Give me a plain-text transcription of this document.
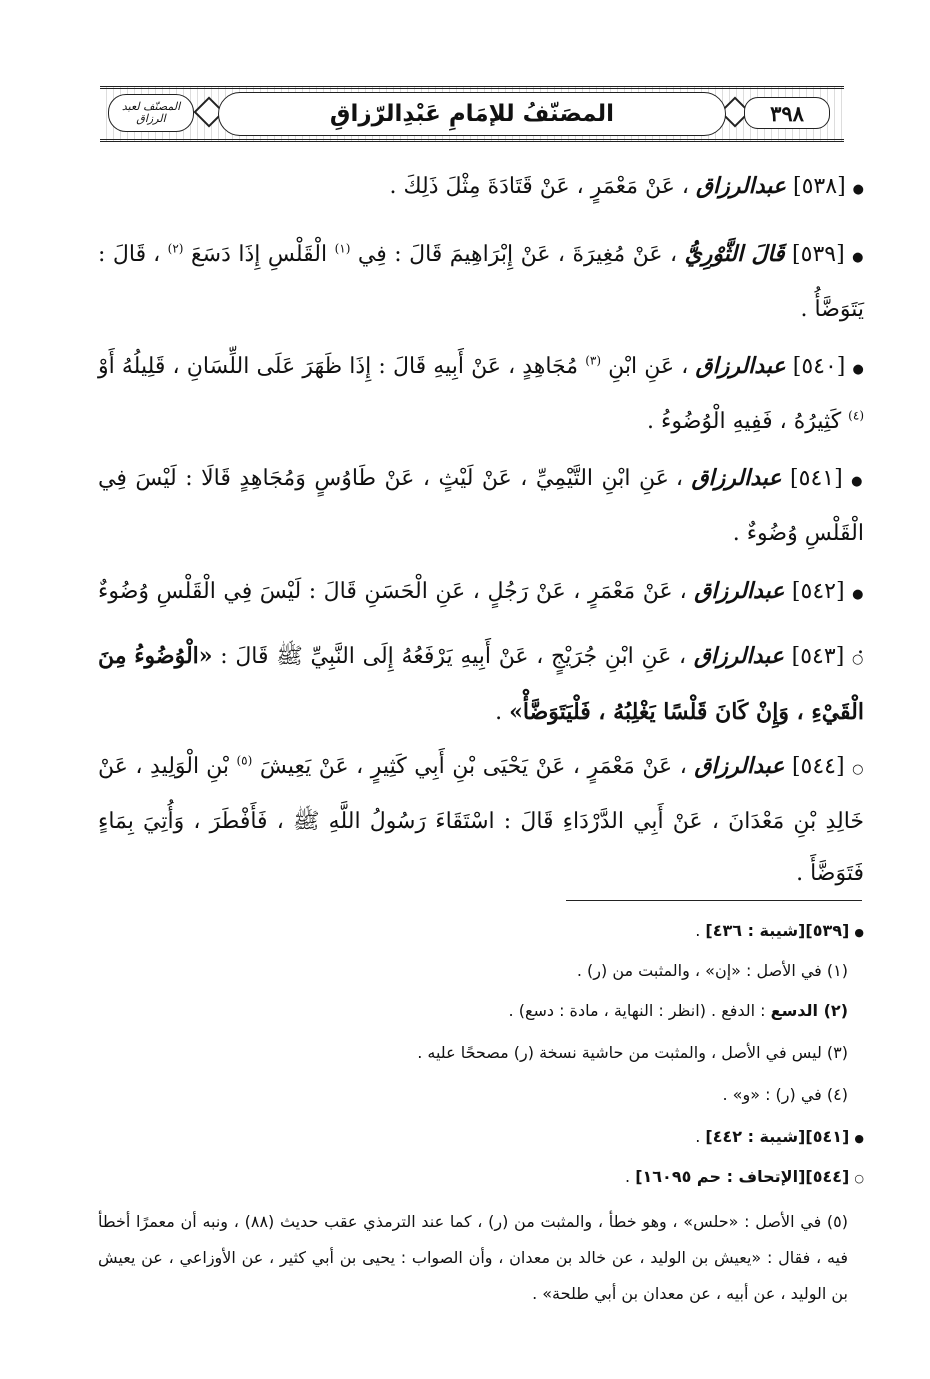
المصنّف لعبد الرزاق	المصَنّفُ للإمَامِ عَبْدِالرّزاقِ	٣٩٨
● [٥٣٨] عبدالرزاق ، عَنْ مَعْمَرٍ ، عَنْ قَتَادَةَ مِثْلَ ذَلِكَ .
● [٥٣٩] قَالَ الثَّوْرِيُّ ، عَنْ مُغِيرَةَ ، عَنْ إِبْرَاهِيمَ قَالَ : فِي $^{(١)}$ الْقَلْسِ إِذَا دَسَعَ $^{(٢)}$ ، قَالَ : يَتَوَضَّأُ .
● [٥٤٠] عبدالرزاق ، عَنِ ابْنِ $^{(٣)}$ مُجَاهِدٍ ، عَنْ أَبِيهِ قَالَ : إِذَا ظَهَرَ عَلَى اللِّسَانِ ، قَلِيلُهُ أَوْ $^{(٤)}$ كَثِيرُهُ ، فَفِيهِ الْوُضُوءُ .
● [٥٤١] عبدالرزاق ، عَنِ ابْنِ التَّيْمِيِّ ، عَنْ لَيْثٍ ، عَنْ طَاوُسٍ وَمُجَاهِدٍ قَالَا : لَيْسَ فِي الْقَلْسِ وُضُوءٌ .
● [٥٤٢] عبدالرزاق ، عَنْ مَعْمَرٍ ، عَنْ رَجُلٍ ، عَنِ الْحَسَنِ قَالَ : لَيْسَ فِي الْقَلْسِ وُضُوءٌ .
○ [٥٤٣] عبدالرزاق ، عَنِ ابْنِ جُرَيْجٍ ، عَنْ أَبِيهِ يَرْفَعُهُ إِلَى النَّبِيِّ ﷺ قَالَ : «الْوُضُوءُ مِنَ الْقَيْءِ ، وَإِنْ كَانَ قَلْسًا يَغْلِبُهُ ، فَلْيَتَوَضَّأْ» .
○ [٥٤٤] عبدالرزاق ، عَنْ مَعْمَرٍ ، عَنْ يَحْيَى بْنِ أَبِي كَثِيرٍ ، عَنْ يَعِيشَ $^{(٥)}$ بْنِ الْوَلِيدِ ، عَنْ خَالِدِ بْنِ مَعْدَانَ ، عَنْ أَبِي الدَّرْدَاءِ قَالَ : اسْتَقَاءَ رَسُولُ اللَّهِ ﷺ ، فَأَفْطَرَ ، وَأُتِيَ بِمَاءٍ فَتَوَضَّأَ .
● [٥٣٩][شيبة : ٤٣٦] .
(١) في الأصل : «إن» ، والمثبت من (ر) .
(٢) الدسع : الدفع . (انظر : النهاية ، مادة : دسع) .
(٣) ليس في الأصل ، والمثبت من حاشية نسخة (ر) مصححًا عليه .
(٤) في (ر) : «و» .
● [٥٤١][شيبة : ٤٤٢] .
○ [٥٤٤][الإتحاف : حم ١٦٠٩٥] .
(٥) في الأصل : «حلس» ، وهو خطأ ، والمثبت من (ر) ، كما عند الترمذي عقب حديث (٨٨) ، ونبه أن معمرًا أخطأ فيه ، فقال : «يعيش بن الوليد ، عن خالد بن معدان ، وأن الصواب : يحيى بن أبي كثير ، عن الأوزاعي ، عن يعيش بن الوليد ، عن أبيه ، عن معدان بن أبي طلحة» .
